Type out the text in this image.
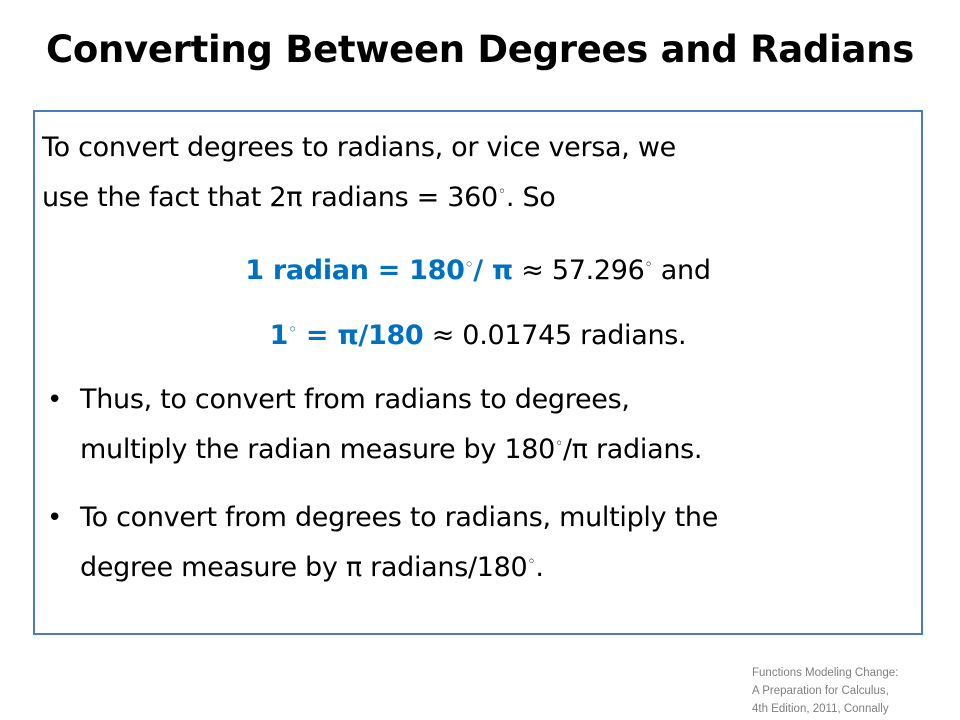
Converting Between Degrees and Radians
To convert degrees to radians, or vice versa, we
use the fact that 2π radians = 360◦. So
1 radian = 180◦/ π ≈ 57.296◦ and
1◦ = π/180 ≈ 0.01745 radians.
• Thus, to convert from radians to degrees,
multiply the radian measure by 180◦/π radians.
• To convert from degrees to radians, multiply the
degree measure by π radians/180◦.
Functions Modeling Change:
A Preparation for Calculus,
4th Edition, 2011, Connally
